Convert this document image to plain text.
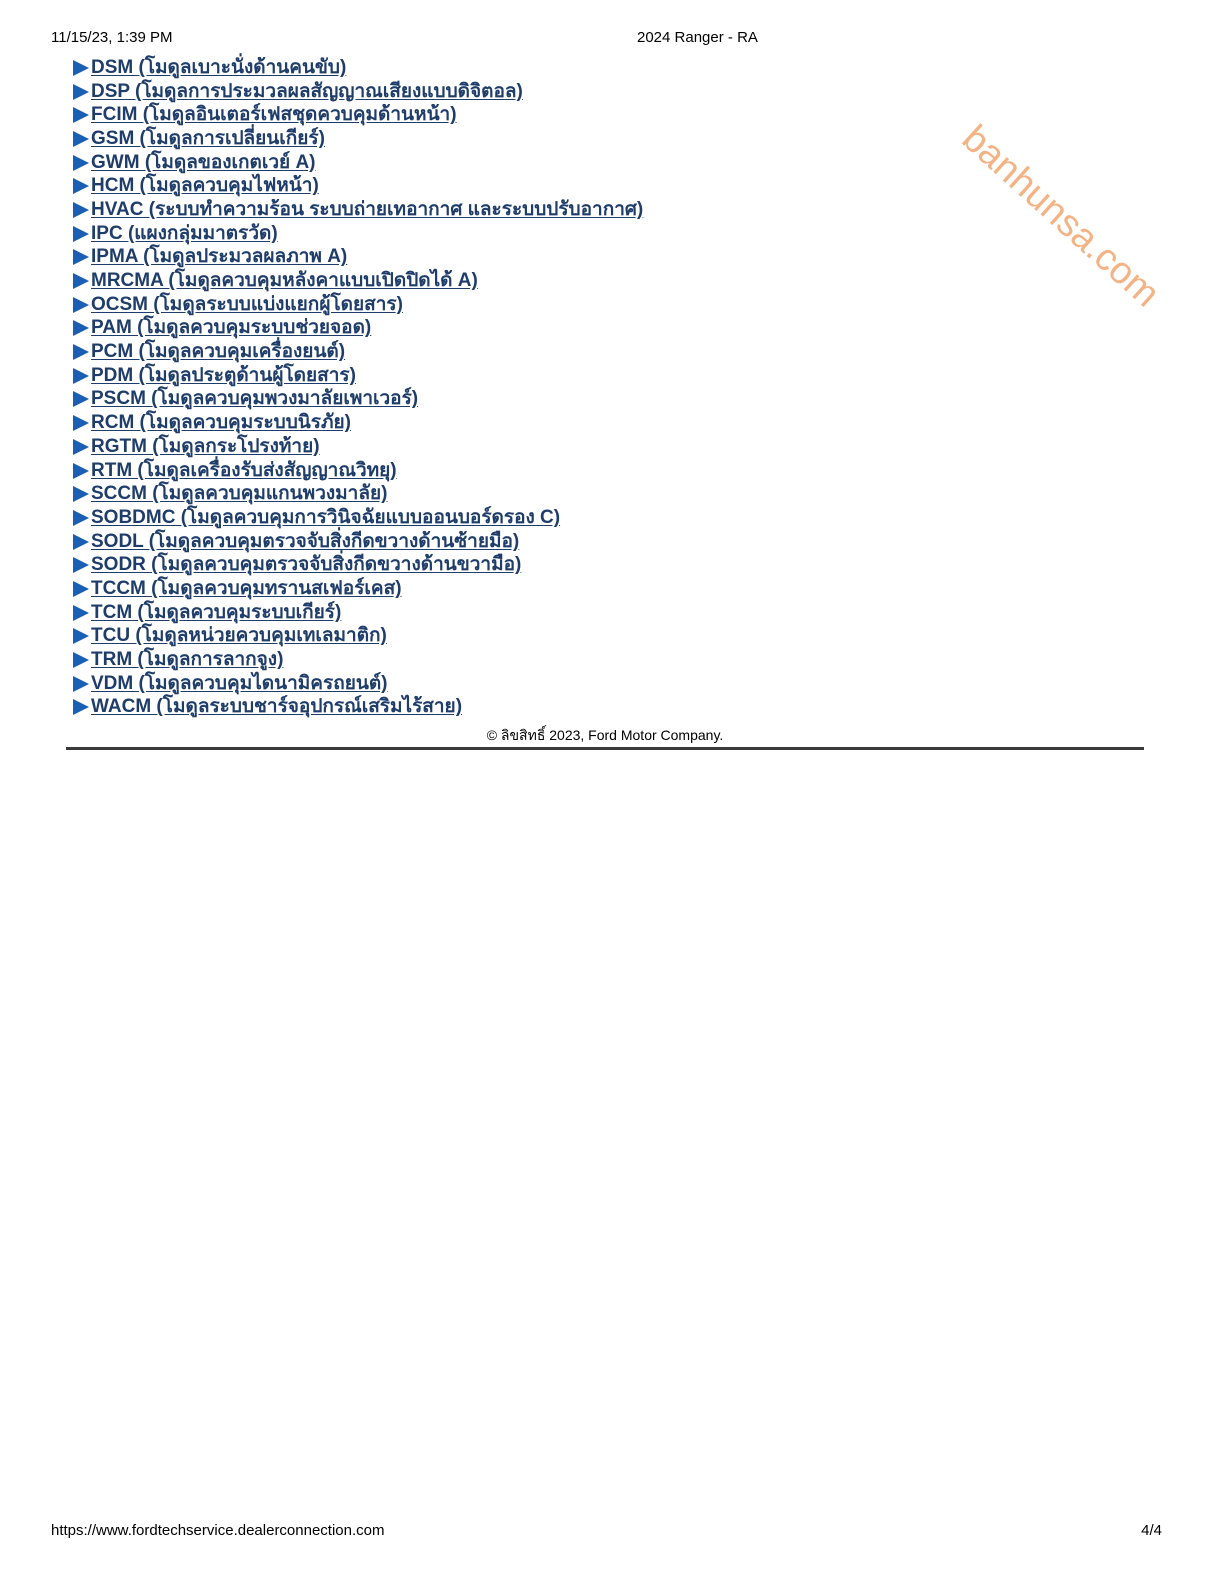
11/15/23, 1:39 PM	2024 Ranger - RA
banhunsa.com
DSM (โมดูลเบาะนั่งด้านคนขับ)
DSP (โมดูลการประมวลผลสัญญาณเสียงแบบดิจิตอล)
FCIM (โมดูลอินเตอร์เฟสชุดควบคุมด้านหน้า)
GSM (โมดูลการเปลี่ยนเกียร์)
GWM (โมดูลของเกตเวย์ A)
HCM (โมดูลควบคุมไฟหน้า)
HVAC (ระบบทำความร้อน ระบบถ่ายเทอากาศ และระบบปรับอากาศ)
IPC (แผงกลุ่มมาตรวัด)
IPMA (โมดูลประมวลผลภาพ A)
MRCMA (โมดูลควบคุมหลังคาแบบเปิดปิดได้ A)
OCSM (โมดูลระบบแบ่งแยกผู้โดยสาร)
PAM (โมดูลควบคุมระบบช่วยจอด)
PCM (โมดูลควบคุมเครื่องยนต์)
PDM (โมดูลประตูด้านผู้โดยสาร)
PSCM (โมดูลควบคุมพวงมาลัยเพาเวอร์)
RCM (โมดูลควบคุมระบบนิรภัย)
RGTM (โมดูลกระโปรงท้าย)
RTM (โมดูลเครื่องรับส่งสัญญาณวิทยุ)
SCCM (โมดูลควบคุมแกนพวงมาลัย)
SOBDMC (โมดูลควบคุมการวินิจฉัยแบบออนบอร์ดรอง C)
SODL (โมดูลควบคุมตรวจจับสิ่งกีดขวางด้านซ้ายมือ)
SODR (โมดูลควบคุมตรวจจับสิ่งกีดขวางด้านขวามือ)
TCCM (โมดูลควบคุมทรานสเฟอร์เคส)
TCM (โมดูลควบคุมระบบเกียร์)
TCU (โมดูลหน่วยควบคุมเทเลมาติก)
TRM (โมดูลการลากจูง)
VDM (โมดูลควบคุมไดนามิครถยนต์)
WACM (โมดูลระบบชาร์จอุปกรณ์เสริมไร้สาย)
© ลิขสิทธิ์ 2023, Ford Motor Company.
https://www.fordtechservice.dealerconnection.com	4/4
